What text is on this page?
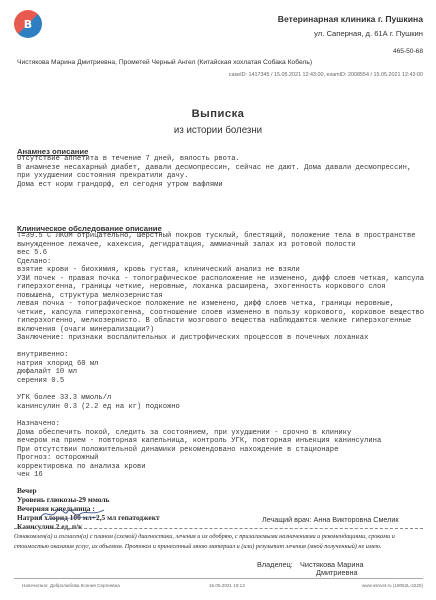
В	Ветеринарная клиника г. Пушкина
ул. Саперная, д. 61А г. Пушкин
465-50-68
Чистякова Марина Дмитриевна, Прометей Черный Ангел (Китайская хохлатая Собака Кобель)
caseID: 1417345 / 15.05.2021 12:43:00, examID: 2008554 / 15.05.2021 12:43:00
Выписка
из истории болезни
Анамнез описание
Отсутствие аппетита в течение 7 дней, вялость рвота.
В анамнезе несахарный диабет, давали десмопрессин, сейчас не дают. Дома давали десмопрессин,
при ухудшении состояния прекратили дачу.
Дома ест корм грандорф, ел сегодня утром вафлями
Клиническое обследование описание
Т=39.5 С ЛКОМ отрицательно, шерстный покров тусклый, блестящий, положение тела в пространстве
вынужденное лежачее, кахексия, дегидратация, аммиачный запах из ротовой полости
вес 5.6
Сделано:
взятие крови - биохимия, кровь густая, клинический анализ не взяли
УЗИ почек - правая почка - топографическое расположение не изменено, дифф слоев четкая, капсула
гиперэхогенна, границы четкие, неровные, лоханка расширена, эхогенность коркового слоя
повышена, структура мелкозернистая
левая почка - топографическое положение не изменено, дифф слоев четка, границы неровные,
четкие, капсула гиперэхогенна, соотношение слоев изменено в пользу коркового, корковое вещество
гиперэхогенно, мелкозернисто. В области мозгового вещества наблюдаются мелкие гиперэхогенные
включения (очаги минерализации?)
Заключение: признаки воспалительных и дистрофических процессов в почечных лоханках
внутривенно:
натрия хлорид 60 мл
дюфалайт 10 мл
серения 0.5
УГК более 33.3 ммоль/л
канинсулин 0.3 (2.2 ед на кг) подкожно
Назначено:
Дома обеспечить покой, следить за состоянием, при ухудшении - срочно в клинику
вечером на прием - повторная капельница, контроль УГК, повторная инъекция канинсулина
При отсутствии положительной динамики рекомендовано нахождение в стационаре
Прогноз: осторожный
корректировка по анализа крови
чек 16
Вечер
Уровень глюкозы-29 ммоль
Вечерняя капельница :
Натрия хлорид 100 мл+2,5 мл гепатоджект
Канисулин 2 ед, п/к
Лечащий врач: Анна Викторовна Смелик
Ознакомлен(а) и согласен(а) с планом (схемой) диагностики, лечения и их одобряю, с прилагаемыми назначениями и рекомендациями, сроками и стоимостью оказания услуг, их объемом. Протокол и принесенный мною материал и (или) результат лечения (мной полученный) не имею.
Владелец: Чистякова Марина
Дмитриевна
Напечатано: Добролюбова Ксения Сергеевна	15.05.2021 19:13	www.ssnvet.ru (18052L-2220)
